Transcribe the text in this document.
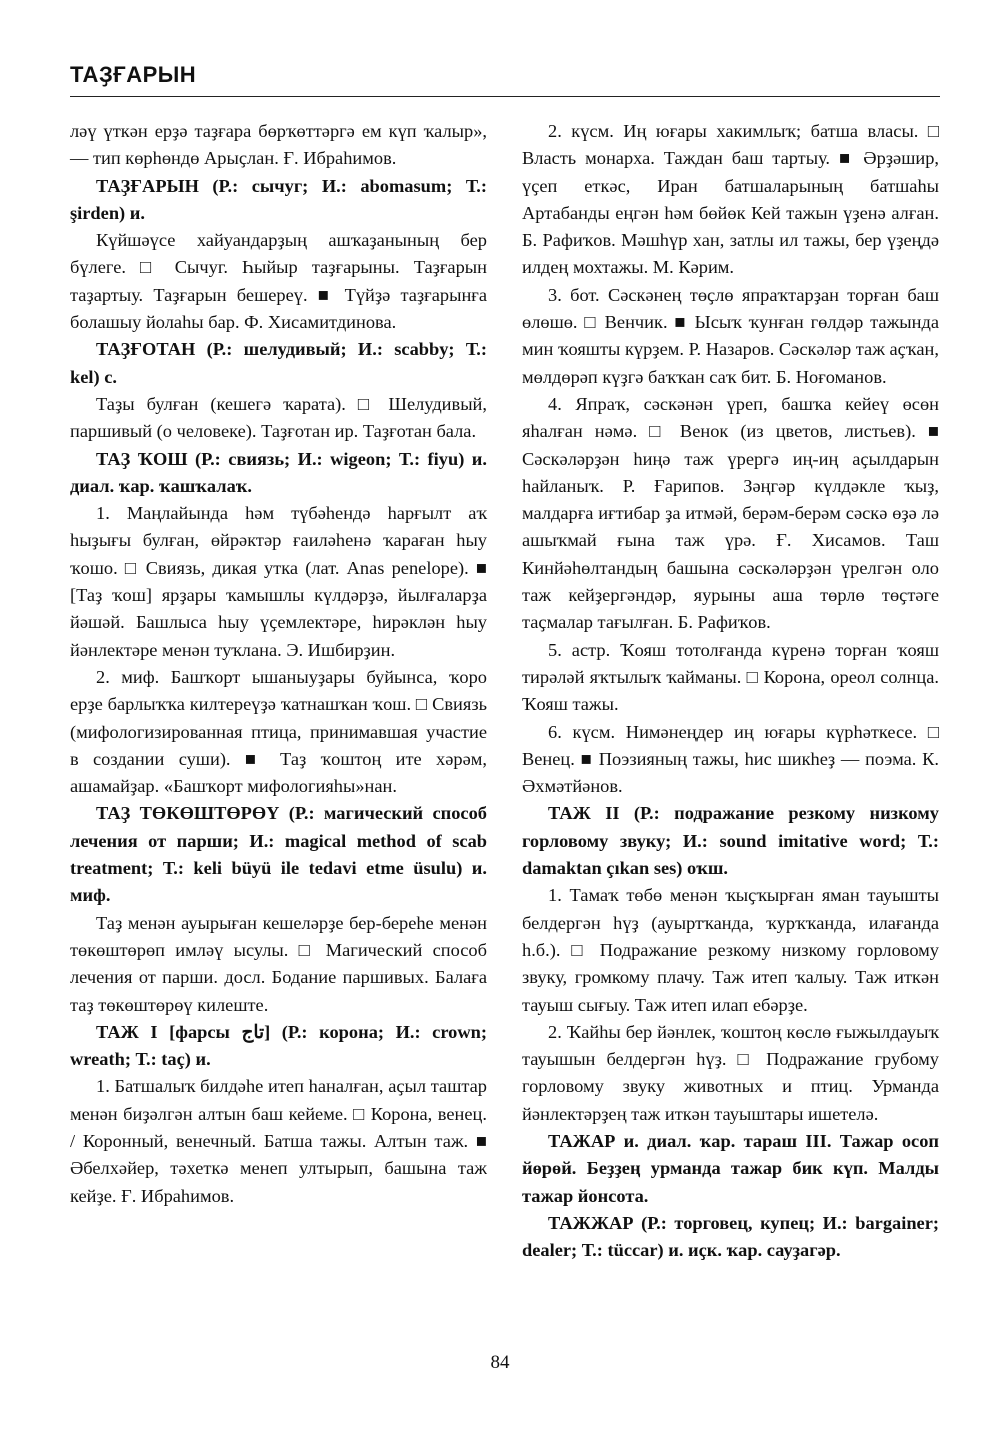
ТАҘҒАРЫН

ләү үткән ерҙә таҙғара бөрҡөттәргә ем күп ҡалыр», — тип көрһөндө Арыҫлан. Ғ. Ибраһимов.

ТАҘҒАРЫН (Р.: сычуг; И.: abomasum; Т.: şirden) и.

Күйшәүсе хайуандарҙың ашҡаҙанының бер бүлеге. □ Сычуг. Һыйыр таҙғарыны. Таҙғарын таҙартыу. Таҙғарын бешереү. ■ Түйҙә таҙғарынға болашыу йолаһы бар. Ф. Хисамитдинова.

ТАҘҒОТАН (Р.: шелудивый; И.: scabby; Т.: kel) с.

Таҙы булған (кешегә ҡарата). □ Шелудивый, паршивый (о человеке). Таҙғотан ир. Таҙғотан бала.

ТАҘ ҠОШ (Р.: свиязь; И.: wigeon; Т.: fiyu) и. диал. ҡар. ҡашҡалаҡ.

1. Маңлайында һәм түбәһендә һарғылт аҡ һыҙығы булған, өйрәктәр ғаиләһенә ҡараған һыу ҡошо. □ Свиязь, дикая утка (лат. Anas penelope). ■ [Таҙ ҡош] ярҙары ҡамышлы күлдәрҙә, йылғаларҙа йәшәй. Башлыса һыу үҫемлектәре, һирәклән һыу йәнлектәре менән туҡлана. Э. Ишбирҙин.

2. миф. Башҡорт ышаныуҙары буйынса, ҡоро ерҙе барлыҡҡа килтереүҙә ҡатнашҡан ҡош. □ Свиязь (мифологизированная птица, принимавшая участие в создании суши). ■ Таҙ ҡоштоң ите хәрәм, ашамайҙар. «Башҡорт мифологияһы»нан.

ТАҘ ТӨКӨШТӨРӨҮ (Р.: магический способ лечения от парши; И.: magical method of scab treatment; Т.: keli büyü ile tedavi etme üsulu) и. миф.

Таҙ менән ауырыған кешеләрҙе бер-береһе менән төкөштөрөп имләү ысулы. □ Магический способ лечения от парши. досл. Бодание паршивых. Балаға таҙ төкөштөрөү килеште.

ТАЖ I [фарсы تاج] (Р.: корона; И.: crown; wreath; Т.: taç) и.

1. Батшалыҡ билдәһе итеп һаналған, аҫыл таштар менән биҙәлгән алтын баш кейеме. □ Корона, венец. / Коронный, венечный. Батша тажы. Алтын таж. ■ Әбелхәйер, тәхеткә менеп ултырып, башына таж кейҙе. Ғ. Ибраһимов.

2. күсм. Иң юғары хакимлыҡ; батша власы. □ Власть монарха. Таждан баш тартыу. ■ Әрҙәшир, үҫеп еткәс, Иран батшаларының батшаһы Артабанды еңгән һәм бөйөк Кей тажын үҙенә алған. Б. Рафиҡов. Мәшһүр хан, затлы ил тажы, бер үҙеңдә илдең мохтажы. М. Кәрим.

3. бот. Сәскәнең төҫлө япраҡтарҙан торған баш өлөшө. □ Венчик. ■ Ысыҡ ҡунған гөлдәр тажында мин ҡояшты күрҙем. Р. Назаров. Сәскәләр таж аҫҡан, мөлдөрәп күҙгә баҡҡан саҡ бит. Б. Ноғоманов.

4. Япраҡ, сәскәнән үреп, башҡа кейеү өсөн яһалған нәмә. □ Венок (из цветов, листьев). ■ Сәскәләрҙән һиңә таж үрергә иң-иң аҫылдарын һайланыҡ. Р. Ғарипов. Зәңгәр күлдәкле ҡыҙ, малдарға иғтибар ҙа итмәй, берәм-берәм сәскә өҙә лә ашыҡмай ғына таж үрә. Ғ. Хисамов. Таш Кинйәһөлтандың башына сәскәләрҙән үрелгән оло таж кейҙергәндәр, яурыны аша төрлө төҫтәге таҫмалар тағылған. Б. Рафиҡов.

5. астр. Ҡояш тотолғанда күренә торған ҡояш тирәләй яҡтылыҡ ҡайманы. □ Корона, ореол солнца. Ҡояш тажы.

6. күсм. Нимәнеңдер иң юғары күрһәткесе. □ Венец. ■ Поэзияның тажы, һис шикһеҙ — поэма. К. Әхмәтйәнов.

ТАЖ II (Р.: подражание резкому низкому горловому звуку; И.: sound imitative word; Т.: damaktan çıkan ses) оҡш.

1. Тамаҡ төбө менән ҡыҫҡырған яман тауышты белдергән һүҙ (ауыртҡанда, ҡурҡҡанда, илағанда һ.б.). □ Подражание резкому низкому горловому звуку, громкому плачу. Таж итеп ҡалыу. Таж иткән тауыш сығыу. Таж итеп илап ебәрҙе.

2. Ҡайһы бер йәнлек, ҡоштоң көслө ғыжылдауыҡ тауышын белдергән һүҙ. □ Подражание грубому горловому звуку животных и птиц. Урманда йәнлектәрҙең таж иткән тауыштары ишетелә.

ТАЖАР и. диал. ҡар. тараш III. Тажар осоп йөрөй. Беҙҙең урманда тажар бик күп. Малды тажар йонсота.

ТАЖЖАР (Р.: торговец, купец; И.: bargainer; dealer; Т.: tüccar) и. иҫк. ҡар. сауҙагәр.

84
